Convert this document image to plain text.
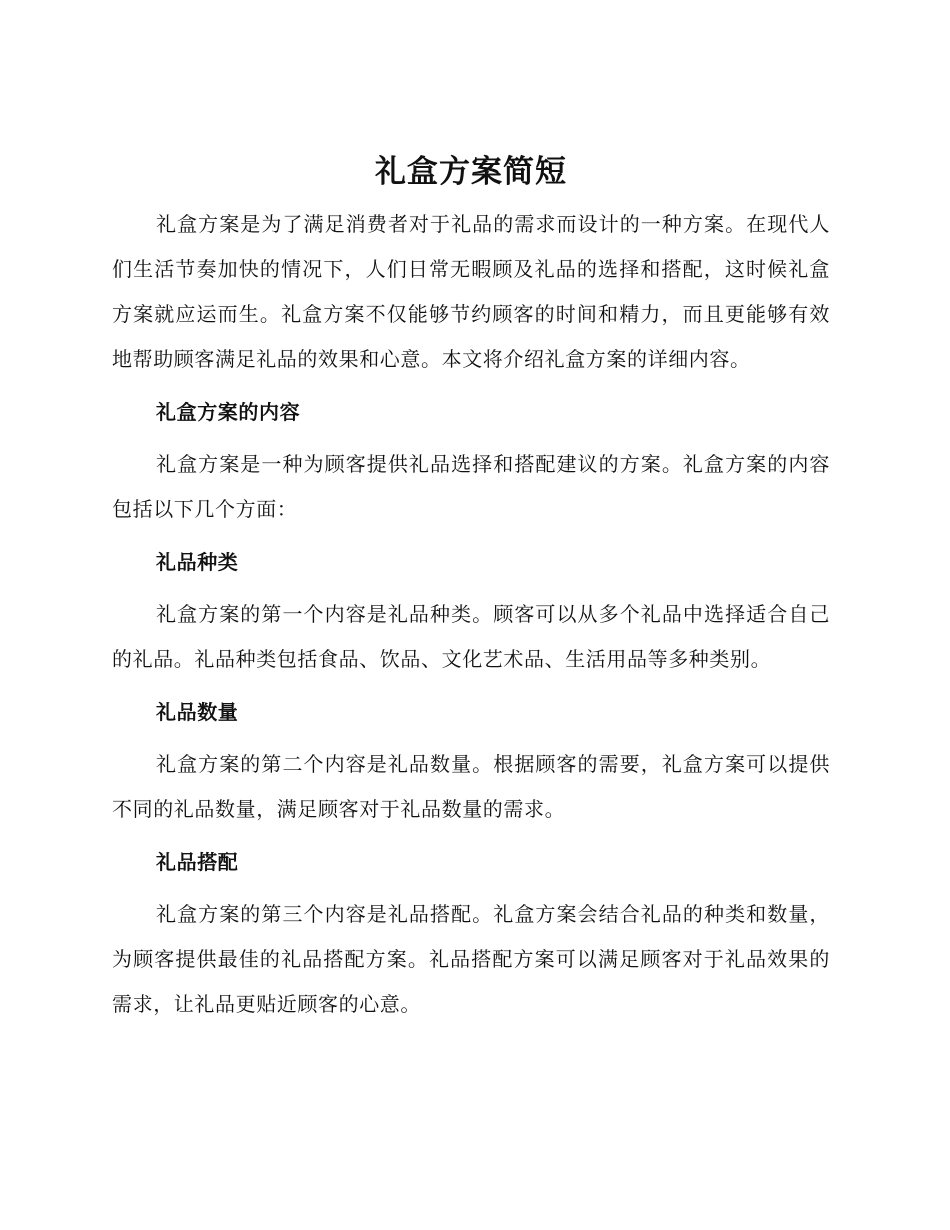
礼盒方案简短

礼盒方案是为了满足消费者对于礼品的需求而设计的一种方案。在现代人们生活节奏加快的情况下，人们日常无暇顾及礼品的选择和搭配，这时候礼盒方案就应运而生。礼盒方案不仅能够节约顾客的时间和精力，而且更能够有效地帮助顾客满足礼品的效果和心意。本文将介绍礼盒方案的详细内容。

礼盒方案的内容

礼盒方案是一种为顾客提供礼品选择和搭配建议的方案。礼盒方案的内容包括以下几个方面：

礼品种类

礼盒方案的第一个内容是礼品种类。顾客可以从多个礼品中选择适合自己的礼品。礼品种类包括食品、饮品、文化艺术品、生活用品等多种类别。

礼品数量

礼盒方案的第二个内容是礼品数量。根据顾客的需要，礼盒方案可以提供不同的礼品数量，满足顾客对于礼品数量的需求。

礼品搭配

礼盒方案的第三个内容是礼品搭配。礼盒方案会结合礼品的种类和数量，为顾客提供最佳的礼品搭配方案。礼品搭配方案可以满足顾客对于礼品效果的需求，让礼品更贴近顾客的心意。
